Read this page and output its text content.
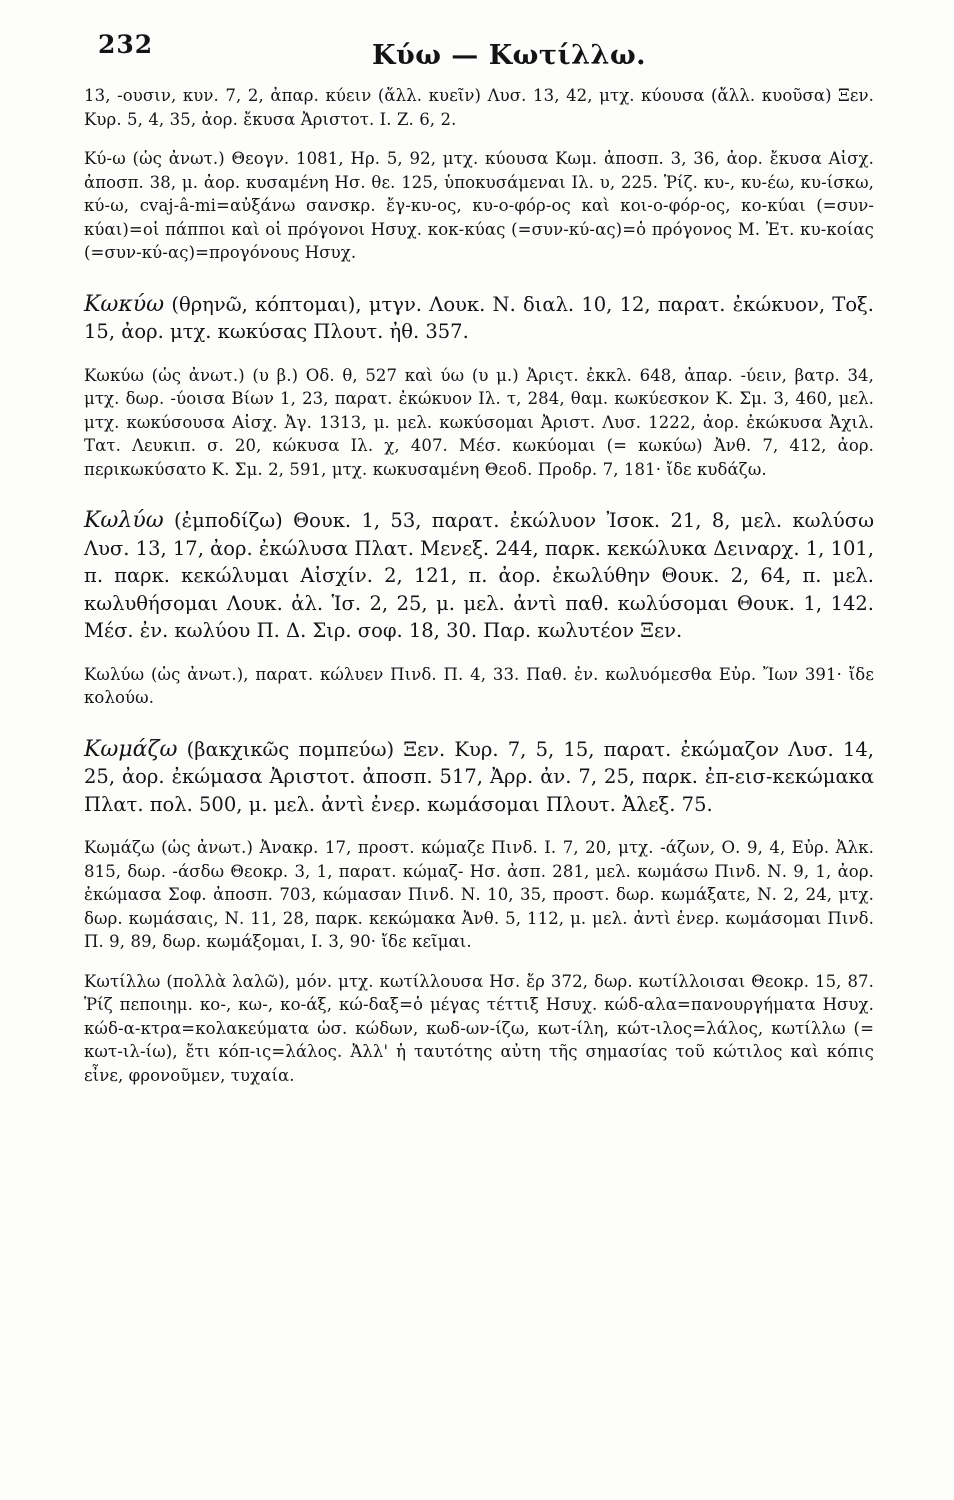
232	Κύω — Κωτίλλω.

13, -ουσιν, κυν. 7, 2, ἀπαρ. κύειν (ἄλλ. κυεῖν) Λυσ. 13, 42, μτχ. κύουσα (ἄλλ. κυοῦσα) Ξεν. Κυρ. 5, 4, 35, ἀορ. ἔκυσα Ἀριστοτ. Ι. Ζ. 6, 2.

Κύ-ω (ὡς ἀνωτ.) Θεογν. 1081, Ηρ. 5, 92, μτχ. κύουσα Κωμ. ἀποσπ. 3, 36, ἀορ. ἔκυσα Αἰσχ. ἀποσπ. 38, μ. ἀορ. κυσαμένη Ησ. θε. 125, ὑποκυσάμεναι Ιλ. υ, 225. Ῥίζ. κυ-, κυ-έω, κυ-ίσκω, κύ-ω, cvaj-â-mi=αὐξάνω σανσκρ. ἔγ-κυ-ος, κυ-ο-φόρ-ος καὶ κοι-ο-φόρ-ος, κο-κύαι (=συν-κύαι)=οἱ πάπποι καὶ οἱ πρόγονοι Ησυχ. κοκ-κύας (=συν-κύ-ας)=ὁ πρόγονος Μ. Ἐτ. κυ-κοίας (=συν-κύ-ας)=προγόνους Ησυχ.

Κωκύω (θρηνῶ, κόπτομαι), μτγν. Λουκ. Ν. διαλ. 10, 12, παρατ. ἐκώκυον, Τοξ. 15, ἀορ. μτχ. κωκύσας Πλουτ. ἠθ. 357.

Κωκύω (ὡς ἀνωτ.) (υ β.) Οδ. θ, 527 καὶ ύω (υ μ.) Ἀριςτ. ἐκκλ. 648, ἀπαρ. -ύειν, βατρ. 34, μτχ. δωρ. -ύοισα Βίων 1, 23, παρατ. ἐκώκυον Ιλ. τ, 284, θαμ. κωκύεσκον Κ. Σμ. 3, 460, μελ. μτχ. κωκύσουσα Αἰσχ. Ἀγ. 1313, μ. μελ. κωκύσομαι Ἀριστ. Λυσ. 1222, ἀορ. ἐκώκυσα Ἀχιλ. Τατ. Λευκιπ. σ. 20, κώκυσα Ιλ. χ, 407. Μέσ. κωκύομαι (= κωκύω) Ἀνθ. 7, 412, ἀορ. περικωκύσατο Κ. Σμ. 2, 591, μτχ. κωκυσαμένη Θεοδ. Προδρ. 7, 181· ἴδε κυδάζω.

Κωλύω (ἐμποδίζω) Θουκ. 1, 53, παρατ. ἐκώλυον Ἰσοκ. 21, 8, μελ. κωλύσω Λυσ. 13, 17, ἀορ. ἐκώλυσα Πλατ. Μενεξ. 244, παρκ. κεκώλυκα Δειναρχ. 1, 101, π. παρκ. κεκώλυμαι Αἰσχίν. 2, 121, π. ἀορ. ἐκωλύθην Θουκ. 2, 64, π. μελ. κωλυθήσομαι Λουκ. ἀλ. Ἱσ. 2, 25, μ. μελ. ἀντὶ παθ. κωλύσομαι Θουκ. 1, 142. Μέσ. ἐν. κωλύου Π. Δ. Σιρ. σοφ. 18, 30. Παρ. κωλυτέον Ξεν.

Κωλύω (ὡς ἀνωτ.), παρατ. κώλυεν Πινδ. Π. 4, 33. Παθ. ἐν. κωλυόμεσθα Εὐρ. Ἴων 391· ἴδε κολούω.

Κωμάζω (βακχικῶς πομπεύω) Ξεν. Κυρ. 7, 5, 15, παρατ. ἐκώμαζον Λυσ. 14, 25, ἀορ. ἐκώμασα Ἀριστοτ. ἀποσπ. 517, Ἀρρ. ἀν. 7, 25, παρκ. ἐπ-εισ-κεκώμακα Πλατ. πολ. 500, μ. μελ. ἀντὶ ἐνερ. κωμάσομαι Πλουτ. Ἀλεξ. 75.

Κωμάζω (ὡς ἀνωτ.) Ἀνακρ. 17, προστ. κώμαζε Πινδ. Ι. 7, 20, μτχ. -άζων, Ο. 9, 4, Εὐρ. Ἀλκ. 815, δωρ. -άσδω Θεοκρ. 3, 1, παρατ. κώμαζ- Ησ. ἀσπ. 281, μελ. κωμάσω Πινδ. Ν. 9, 1, ἀορ. ἐκώμασα Σοφ. ἀποσπ. 703, κώμασαν Πινδ. Ν. 10, 35, προστ. δωρ. κωμάξατε, Ν. 2, 24, μτχ. δωρ. κωμάσαις, Ν. 11, 28, παρκ. κεκώμακα Ἀνθ. 5, 112, μ. μελ. ἀντὶ ἐνερ. κωμάσομαι Πινδ. Π. 9, 89, δωρ. κωμάξομαι, Ι. 3, 90· ἴδε κεῖμαι.

Κωτίλλω (πολλὰ λαλῶ), μόν. μτχ. κωτίλλουσα Ησ. ἔρ 372, δωρ. κωτίλλοισαι Θεοκρ. 15, 87. Ῥίζ πεποιημ. κο-, κω-, κο-άξ, κώ-δαξ=ὁ μέγας τέττιξ Ησυχ. κώδ-αλα=πανουργήματα Ησυχ. κώδ-α-κτρα=κολακεύματα ὡσ. κώδων, κωδ-ων-ίζω, κωτ-ίλη, κώτ-ιλος=λάλος, κωτίλλω (= κωτ-ιλ-ίω), ἔτι κόπ-ις=λάλος. Ἀλλ' ἡ ταυτότης αὐτη τῆς σημασίας τοῦ κώτιλος καὶ κόπις εἶνε, φρονοῦμεν, τυχαία.
